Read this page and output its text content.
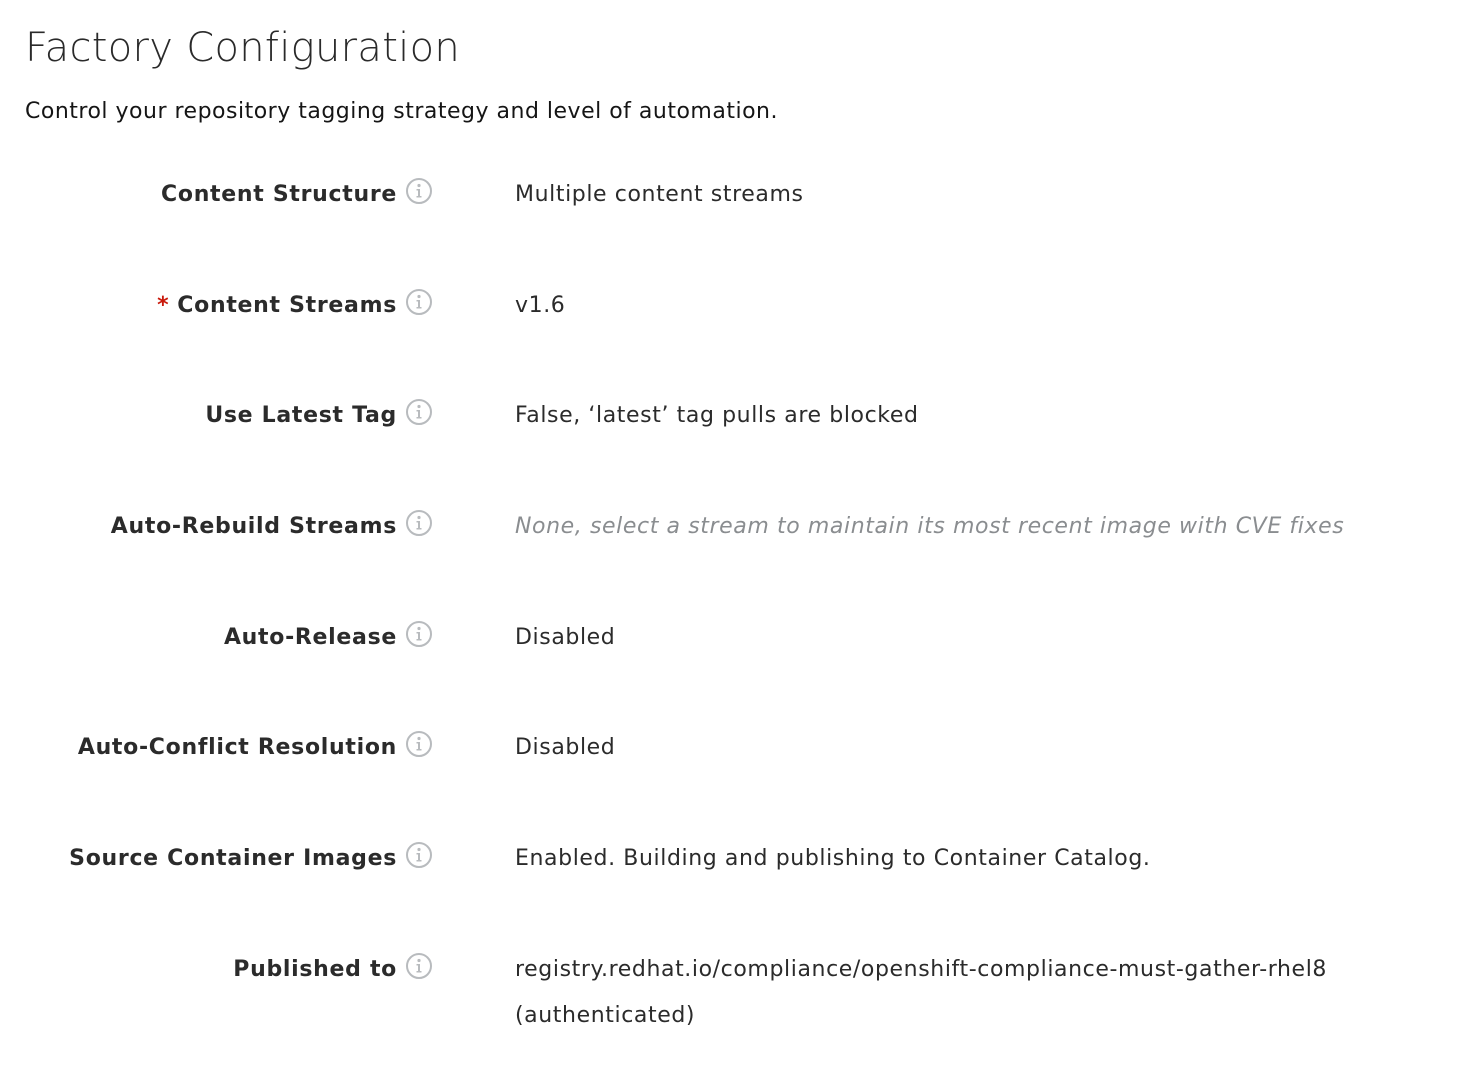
Factory Configuration

Control your repository tagging strategy and level of automation.

Content Structure	Multiple content streams
* Content Streams	v1.6
Use Latest Tag	False, ‘latest’ tag pulls are blocked
Auto-Rebuild Streams	None, select a stream to maintain its most recent image with CVE fixes
Auto-Release	Disabled
Auto-Conflict Resolution	Disabled
Source Container Images	Enabled. Building and publishing to Container Catalog.
Published to	registry.redhat.io/compliance/openshift-compliance-must-gather-rhel8
(authenticated)
